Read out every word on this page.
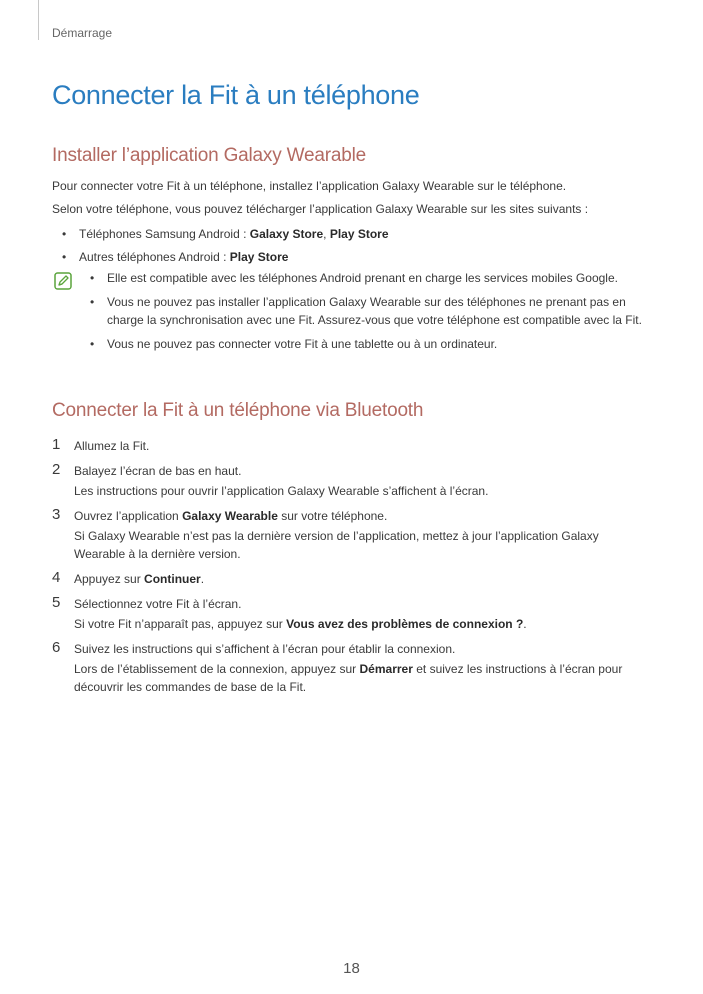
Démarrage
Connecter la Fit à un téléphone
Installer l’application Galaxy Wearable

Pour connecter votre Fit à un téléphone, installez l’application Galaxy Wearable sur le téléphone.

Selon votre téléphone, vous pouvez télécharger l’application Galaxy Wearable sur les sites suivants :

• Téléphones Samsung Android : Galaxy Store, Play Store
• Autres téléphones Android : Play Store
• Elle est compatible avec les téléphones Android prenant en charge les services mobiles Google.
• Vous ne pouvez pas installer l’application Galaxy Wearable sur des téléphones ne prenant pas en charge la synchronisation avec une Fit. Assurez-vous que votre téléphone est compatible avec la Fit.
• Vous ne pouvez pas connecter votre Fit à une tablette ou à un ordinateur.
Connecter la Fit à un téléphone via Bluetooth
1 Allumez la Fit.

2 Balayez l’écran de bas en haut.

Les instructions pour ouvrir l’application Galaxy Wearable s’affichent à l’écran.

3 Ouvrez l’application Galaxy Wearable sur votre téléphone.

Si Galaxy Wearable n’est pas la dernière version de l’application, mettez à jour l’application Galaxy Wearable à la dernière version.

4 Appuyez sur Continuer.

5 Sélectionnez votre Fit à l’écran.

Si votre Fit n’apparaît pas, appuyez sur Vous avez des problèmes de connexion ?.

6 Suivez les instructions qui s’affichent à l’écran pour établir la connexion.

Lors de l’établissement de la connexion, appuyez sur Démarrer et suivez les instructions à l’écran pour découvrir les commandes de base de la Fit.

18
